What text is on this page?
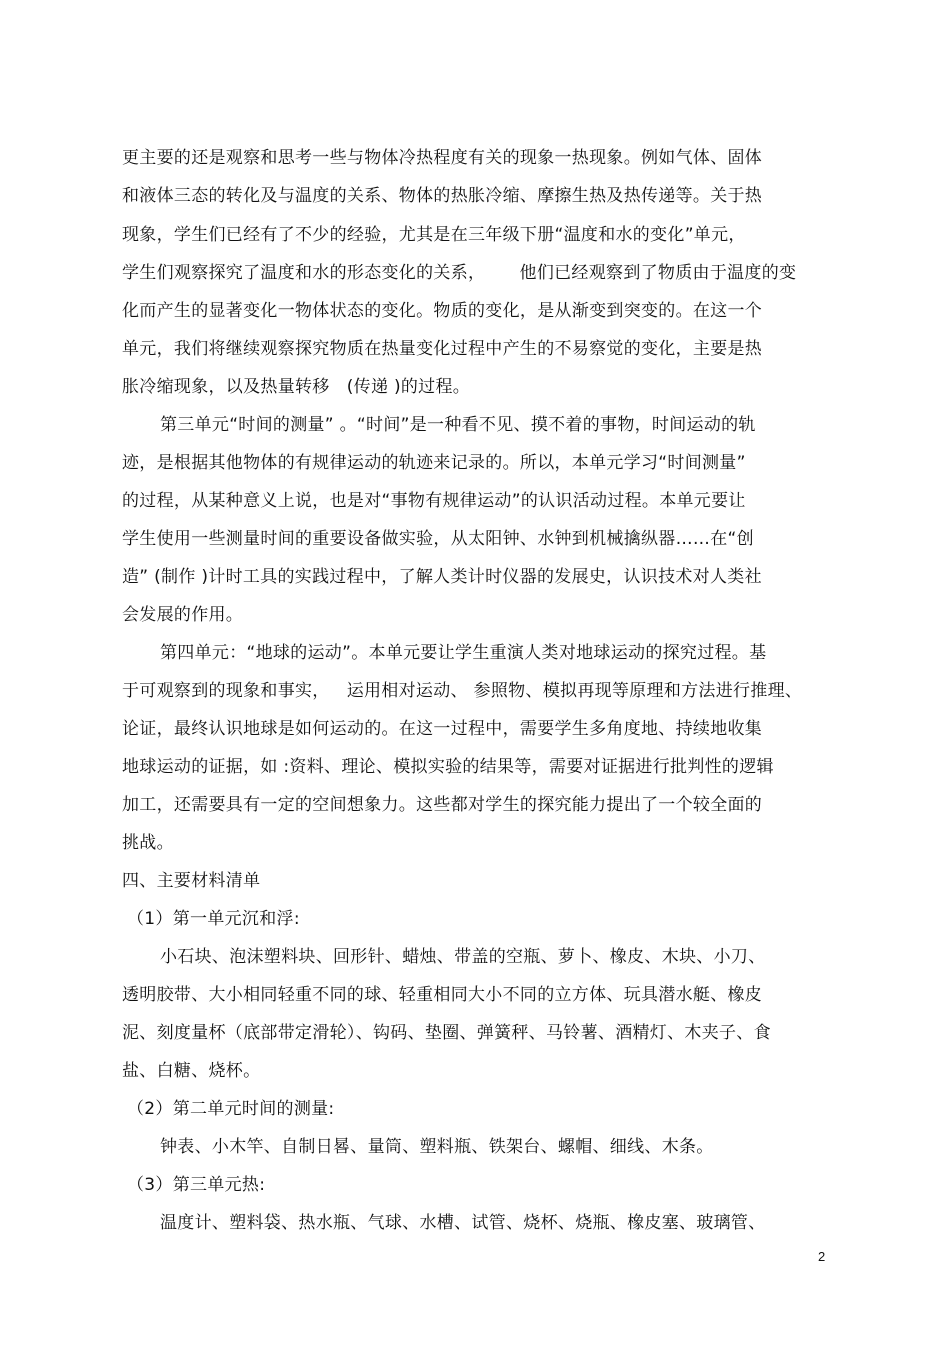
更主要的还是观察和思考一些与物体冷热程度有关的现象一热现象。例如气体、固体
和液体三态的转化及与温度的关系、物体的热胀冷缩、摩擦生热及热传递等。关于热
现象，学生们已经有了不少的经验，尤其是在三年级下册“温度和水的变化”单元，
学生们观察探究了温度和水的形态变化的关系，      他们已经观察到了物质由于温度的变
化而产生的显著变化一物体状态的变化。物质的变化，是从渐变到突变的。在这一个
单元，我们将继续观察探究物质在热量变化过程中产生的不易察觉的变化，主要是热
胀冷缩现象，以及热量转移   (传递 )的过程。
第三单元“时间的测量” 。“时间”是一种看不见、摸不着的事物，时间运动的轨
迹，是根据其他物体的有规律运动的轨迹来记录的。所以，本单元学习“时间测量”
的过程，从某种意义上说，也是对“事物有规律运动”的认识活动过程。本单元要让
学生使用一些测量时间的重要设备做实验，从太阳钟、水钟到机械擒纵器……在“创
造” (制作 )计时工具的实践过程中，了解人类计时仪器的发展史，认识技术对人类社
会发展的作用。
第四单元：“地球的运动”。本单元要让学生重演人类对地球运动的探究过程。基
于可观察到的现象和事实，   运用相对运动、 参照物、模拟再现等原理和方法进行推理、
论证，最终认识地球是如何运动的。在这一过程中，需要学生多角度地、持续地收集
地球运动的证据，如 :资料、理论、模拟实验的结果等，需要对证据进行批判性的逻辑
加工，还需要具有一定的空间想象力。这些都对学生的探究能力提出了一个较全面的
挑战。
四、主要材料清单
（1）第一单元沉和浮:
小石块、泡沫塑料块、回形针、蜡烛、带盖的空瓶、萝卜、橡皮、木块、小刀、
透明胶带、大小相同轻重不同的球、轻重相同大小不同的立方体、玩具潜水艇、橡皮
泥、刻度量杯（底部带定滑轮）、钩码、垫圈、弹簧秤、马铃薯、酒精灯、木夹子、食
盐、白糖、烧杯。
（2）第二单元时间的测量:
钟表、小木竿、自制日晷、量筒、塑料瓶、铁架台、螺帽、细线、木条。
（3）第三单元热:
温度计、塑料袋、热水瓶、气球、水槽、试管、烧杯、烧瓶、橡皮塞、玻璃管、
2
